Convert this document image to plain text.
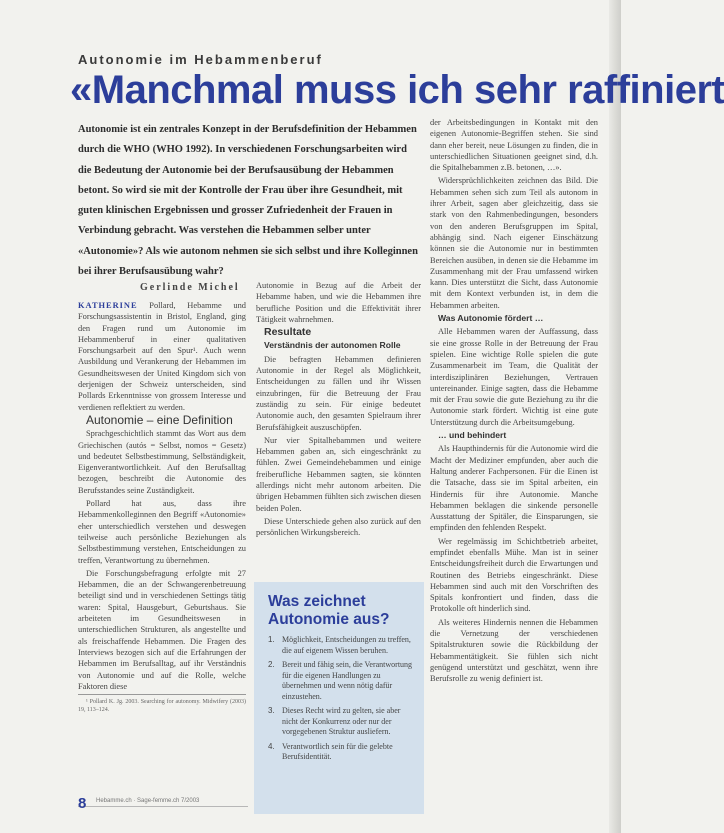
Autonomie im Hebammenberuf
«Manchmal muss ich sehr raffiniert
Autonomie ist ein zentrales Konzept in der Berufsdefinition der Hebammen durch die WHO (WHO 1992). In verschiedenen Forschungsarbeiten wird die Bedeutung der Autonomie bei der Berufsausübung der Hebammen betont. So wird sie mit der Kontrolle der Frau über ihre Gesundheit, mit guten klinischen Ergebnissen und grosser Zufriedenheit der Frauen in Verbindung gebracht. Was verstehen die Hebammen selber unter «Autonomie»? Als wie autonom nehmen sie sich selbst und ihre Kolleginnen bei ihrer Berufsausübung wahr?
Gerlinde Michel

KATHERINE Pollard, Hebamme und Forschungsassistentin in Bristol, England, ging den Fragen rund um Autonomie im Hebammenberuf in einer qualitativen Forschungsarbeit auf den Spur¹. Auch wenn Ausbildung und Verankerung der Hebammen im Gesundheitswesen der United Kingdom sich von derjenigen der Schweiz unterscheiden, sind Pollards Erkenntnisse von grossem Interesse und verdienen reflektiert zu werden.

Autonomie – eine Definition

Sprachgeschichtlich stammt das Wort aus dem Griechischen (autós = Selbst, nomos = Gesetz) und bedeutet Selbstbestimmung, Selbständigkeit, Eigenverantwortlichkeit. Auf den Berufsalltag bezogen, beschreibt die Autonomie des Berufsstandes seine Zuständigkeit.

Pollard hat aus, dass ihre Hebammenkolleginnen den Begriff «Autonomie» eher unterschiedlich verstehen und deswegen teilweise auch persönliche Beziehungen als Selbstbestimmung verstehen, Entscheidungen zu treffen, Verantwortung zu übernehmen.

Die Forschungsbefragung erfolgte mit 27 Hebammen, die an der Schwangerenbetreuung beteiligt sind und in verschiedenen Settings tätig waren: Spital, Hausgeburt, Geburtshaus. Sie arbeiteten im Gesundheitswesen in unterschiedlichen Strukturen, als angestellte und als freischaffende Hebammen. Die Fragen des Interviews bezogen sich auf die Erfahrungen der Hebammen im Berufsalltag, auf ihr Verständnis von Autonomie und auf die Rolle, welche Faktoren diese

¹ Pollard K. Jg. 2003. Searching for autonomy. Midwifery (2003) 19, 113–124.

Autonomie in Bezug auf die Arbeit der Hebamme haben, und wie die Hebammen ihre berufliche Position und die Effektivität ihrer Tätigkeit wahrnehmen.

Resultate

Verständnis der autonomen Rolle

Die befragten Hebammen definieren Autonomie in der Regel als Möglichkeit, Entscheidungen zu fällen und ihr Wissen einzubringen, für die Betreuung der Frau zuständig zu sein. Für einige bedeutet Autonomie auch, den gesamten Spielraum ihrer Berufsfähigkeit auszuschöpfen.

Nur vier Spitalhebammen und weitere Hebammen gaben an, sich eingeschränkt zu fühlen. Zwei Gemeindehebammen und einige freiberufliche Hebammen sagten, sie könnten allerdings nicht mehr autonom arbeiten. Die übrigen Hebammen fühlten sich zwischen diesen beiden Polen.

Diese Unterschiede gehen also zurück auf den persönlichen Wirkungsbereich.

Was zeichnet Autonomie aus?
1. Möglichkeit, Entscheidungen zu treffen, die auf eigenem Wissen beruhen.
2. Bereit und fähig sein, die Verantwortung für die eigenen Handlungen zu übernehmen und wenn nötig dafür einzustehen.
3. Dieses Recht wird zu gelten, sie aber nicht der Konkurrenz oder nur der vorgegebenen Struktur ausliefern.
4. Verantwortlich sein für die gelebte Berufsidentität.

der Arbeitsbedingungen in Kontakt mit den eigenen Autonomie-Begriffen stehen. Sie sind dann eher bereit, neue Lösungen zu finden, die in unterschiedlichen Situationen geeignet sind, d.h. die Spitalhebammen z.B. betonen, …».

Widersprüchlichkeiten zeichnen das Bild. Die Hebammen sehen sich zum Teil als autonom in ihrer Arbeit, sagen aber gleichzeitig, dass sie stark von den Rahmenbedingungen, besonders von den anderen Berufsgruppen im Spital, abhängig sind. Nach eigener Einschätzung können sie die Autonomie nur in bestimmten Bereichen ausüben, in denen sie die Hebamme im Zusammenhang mit der Frau umfassend wirken kann. Dies unterstützt die Sicht, dass Autonomie mit dem Kontext verbunden ist, in dem die Hebammen arbeiten.

Was Autonomie fördert …

Alle Hebammen waren der Auffassung, dass sie eine grosse Rolle in der Betreuung der Frau spielen. Eine wichtige Rolle spielen die gute Zusammenarbeit im Team, die Qualität der interdisziplinären Beziehungen, Vertrauen untereinander. Einige sagten, dass die Hebamme mit der Frau sowie die gute Beziehung zu ihr die Autonomie stark fördert. Wichtig ist eine gute Unterstützung durch die Arbeitsumgebung.

… und behindert

Als Haupthindernis für die Autonomie wird die Macht der Mediziner empfunden, aber auch die Haltung anderer Fachpersonen. Für die Einen ist die Tatsache, dass sie im Spital arbeiten, ein Hindernis für ihre Autonomie. Manche Hebammen beklagen die sinkende personelle Ausstattung der Spitäler, die Einsparungen, sie empfinden den fehlenden Respekt.

Wer regelmässig im Schichtbetrieb arbeitet, empfindet ebenfalls Mühe. Man ist in seiner Entscheidungsfreiheit durch die Erwartungen und Routinen des Betriebs eingeschränkt. Diese Hebammen sind auch mit den Vorschriften des Spitals konfrontiert und finden, dass die Protokolle oft hinderlich sind.

Als weiteres Hindernis nennen die Hebammen die Vernetzung der verschiedenen Spitalstrukturen sowie die Rückbildung der Hebammentätigkeit. Sie fühlen sich nicht genügend unterstützt und geschätzt, wenn ihre Berufsrolle zu wenig definiert ist.

8 Hebamme.ch · Sage-femme.ch 7/2003
